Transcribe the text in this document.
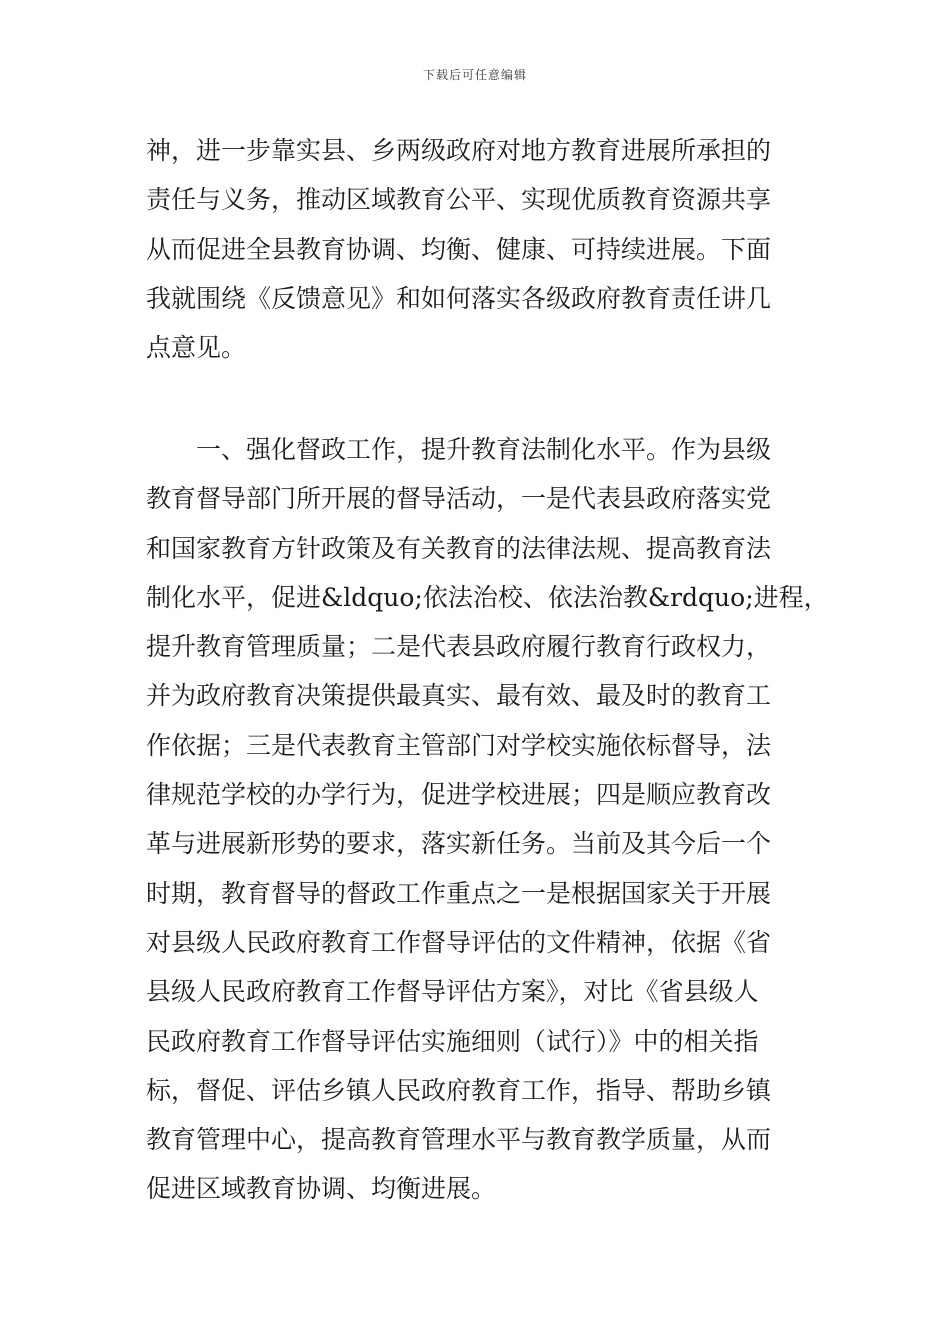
下载后可任意编辑
神，进一步靠实县、乡两级政府对地方教育进展所承担的
责任与义务，推动区域教育公平、实现优质教育资源共享
从而促进全县教育协调、均衡、健康、可持续进展。下面
我就围绕《反馈意见》和如何落实各级政府教育责任讲几
点意见。
　　一、强化督政工作，提升教育法制化水平。作为县级
教育督导部门所开展的督导活动，一是代表县政府落实党
和国家教育方针政策及有关教育的法律法规、提高教育法
制化水平，促进&ldquo;依法治校、依法治教&rdquo;进程，
提升教育管理质量；二是代表县政府履行教育行政权力，
并为政府教育决策提供最真实、最有效、最及时的教育工
作依据；三是代表教育主管部门对学校实施依标督导，法
律规范学校的办学行为，促进学校进展；四是顺应教育改
革与进展新形势的要求，落实新任务。当前及其今后一个
时期，教育督导的督政工作重点之一是根据国家关于开展
对县级人民政府教育工作督导评估的文件精神，依据《省
县级人民政府教育工作督导评估方案》，对比《省县级人
民政府教育工作督导评估实施细则（试行）》中的相关指
标，督促、评估乡镇人民政府教育工作，指导、帮助乡镇
教育管理中心，提高教育管理水平与教育教学质量，从而
促进区域教育协调、均衡进展。
